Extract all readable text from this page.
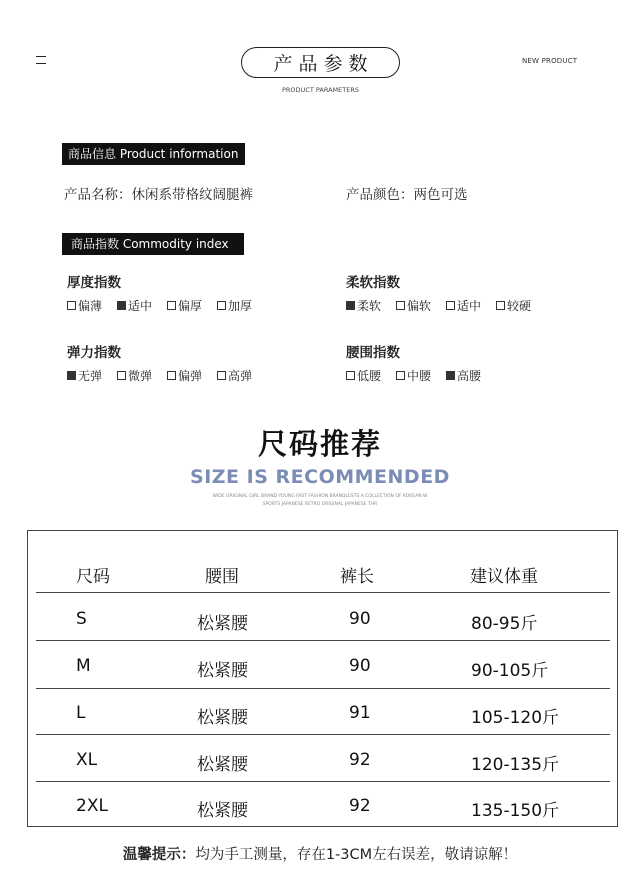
NEW PRODUCT
产品参数
PRODUCT PARAMETERS
商品信息 Product information
产品名称：休闲系带格纹阔腿裤	产品颜色：两色可选
商品指数 Commodity index
厚度指数
偏薄 适中 偏厚 加厚
柔软指数
柔软 偏软 适中 较硬
弹力指数
无弹 微弹 偏弹 高弹
腰围指数
低腰 中腰 高腰
尺码推荐
SIZE IS RECOMMENDED
WIDE ORIGINAL GIRL BRAND YOUNG FAST FASHION BRANDLESTS A COLLECTION OF KOREAN W
SPORTS JAPANESE RETRO ORIGINAL JAPANESE THR
尺码	腰围	裤长	建议体重
S	松紧腰	90	80-95斤
M	松紧腰	90	90-105斤
L	松紧腰	91	105-120斤
XL	松紧腰	92	120-135斤
2XL	松紧腰	92	135-150斤
温馨提示：均为手工测量，存在1-3CM左右误差，敬请谅解！
